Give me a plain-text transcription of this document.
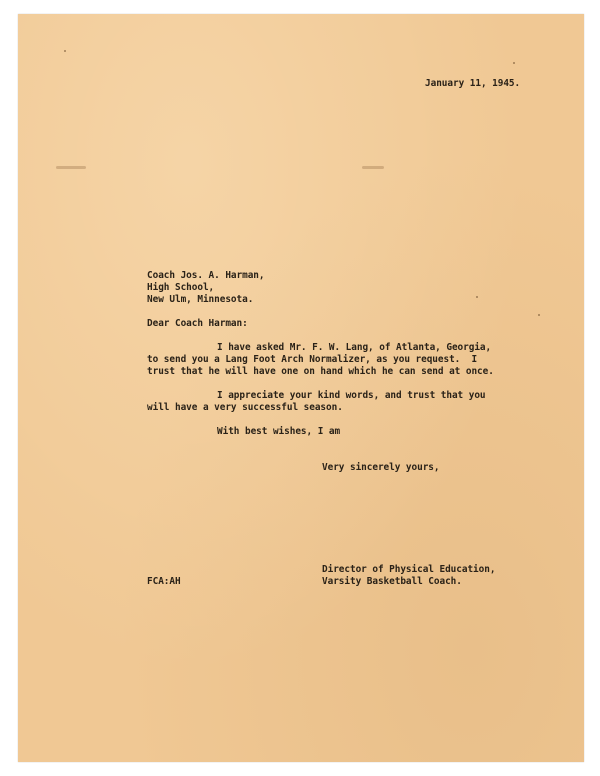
January 11, 1945.
Coach Jos. A. Harman,
High School,
New Ulm, Minnesota.
Dear Coach Harman:
I have asked Mr. F. W. Lang, of Atlanta, Georgia,
to send you a Lang Foot Arch Normalizer, as you request.  I
trust that he will have one on hand which he can send at once.
I appreciate your kind words, and trust that you
will have a very successful season.
With best wishes, I am
Very sincerely yours,
Director of Physical Education,
Varsity Basketball Coach.
FCA:AH
